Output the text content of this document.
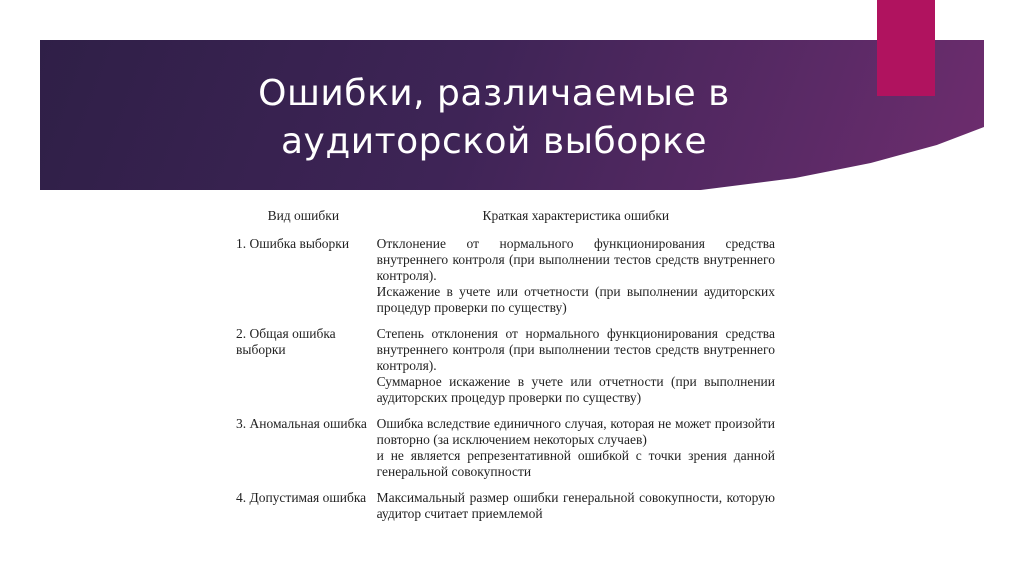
Ошибки, различаемые в
аудиторской выборке
Вид ошибки	Краткая характеристика ошибки
1. Ошибка выборки	Отклонение от нормального функционирования средства внутреннего контроля (при выполнении тестов средств внутреннего контроля).
Искажение в учете или отчетности (при выполнении аудиторских процедур проверки по существу)

2. Общая ошибка выборки	Степень отклонения от нормального функционирования средства внутреннего контроля (при выполнении тестов средств внутреннего контроля).
Суммарное искажение в учете или отчетности (при выполнении аудиторских процедур проверки по существу)

3. Аномальная ошибка	Ошибка вследствие единичного случая, которая не может произойти повторно (за исключением некоторых случаев)
и не является репрезентативной ошибкой с точки зрения данной генеральной совокупности

4. Допустимая ошибка	Максимальный размер ошибки генеральной совокупности, которую аудитор считает приемлемой
